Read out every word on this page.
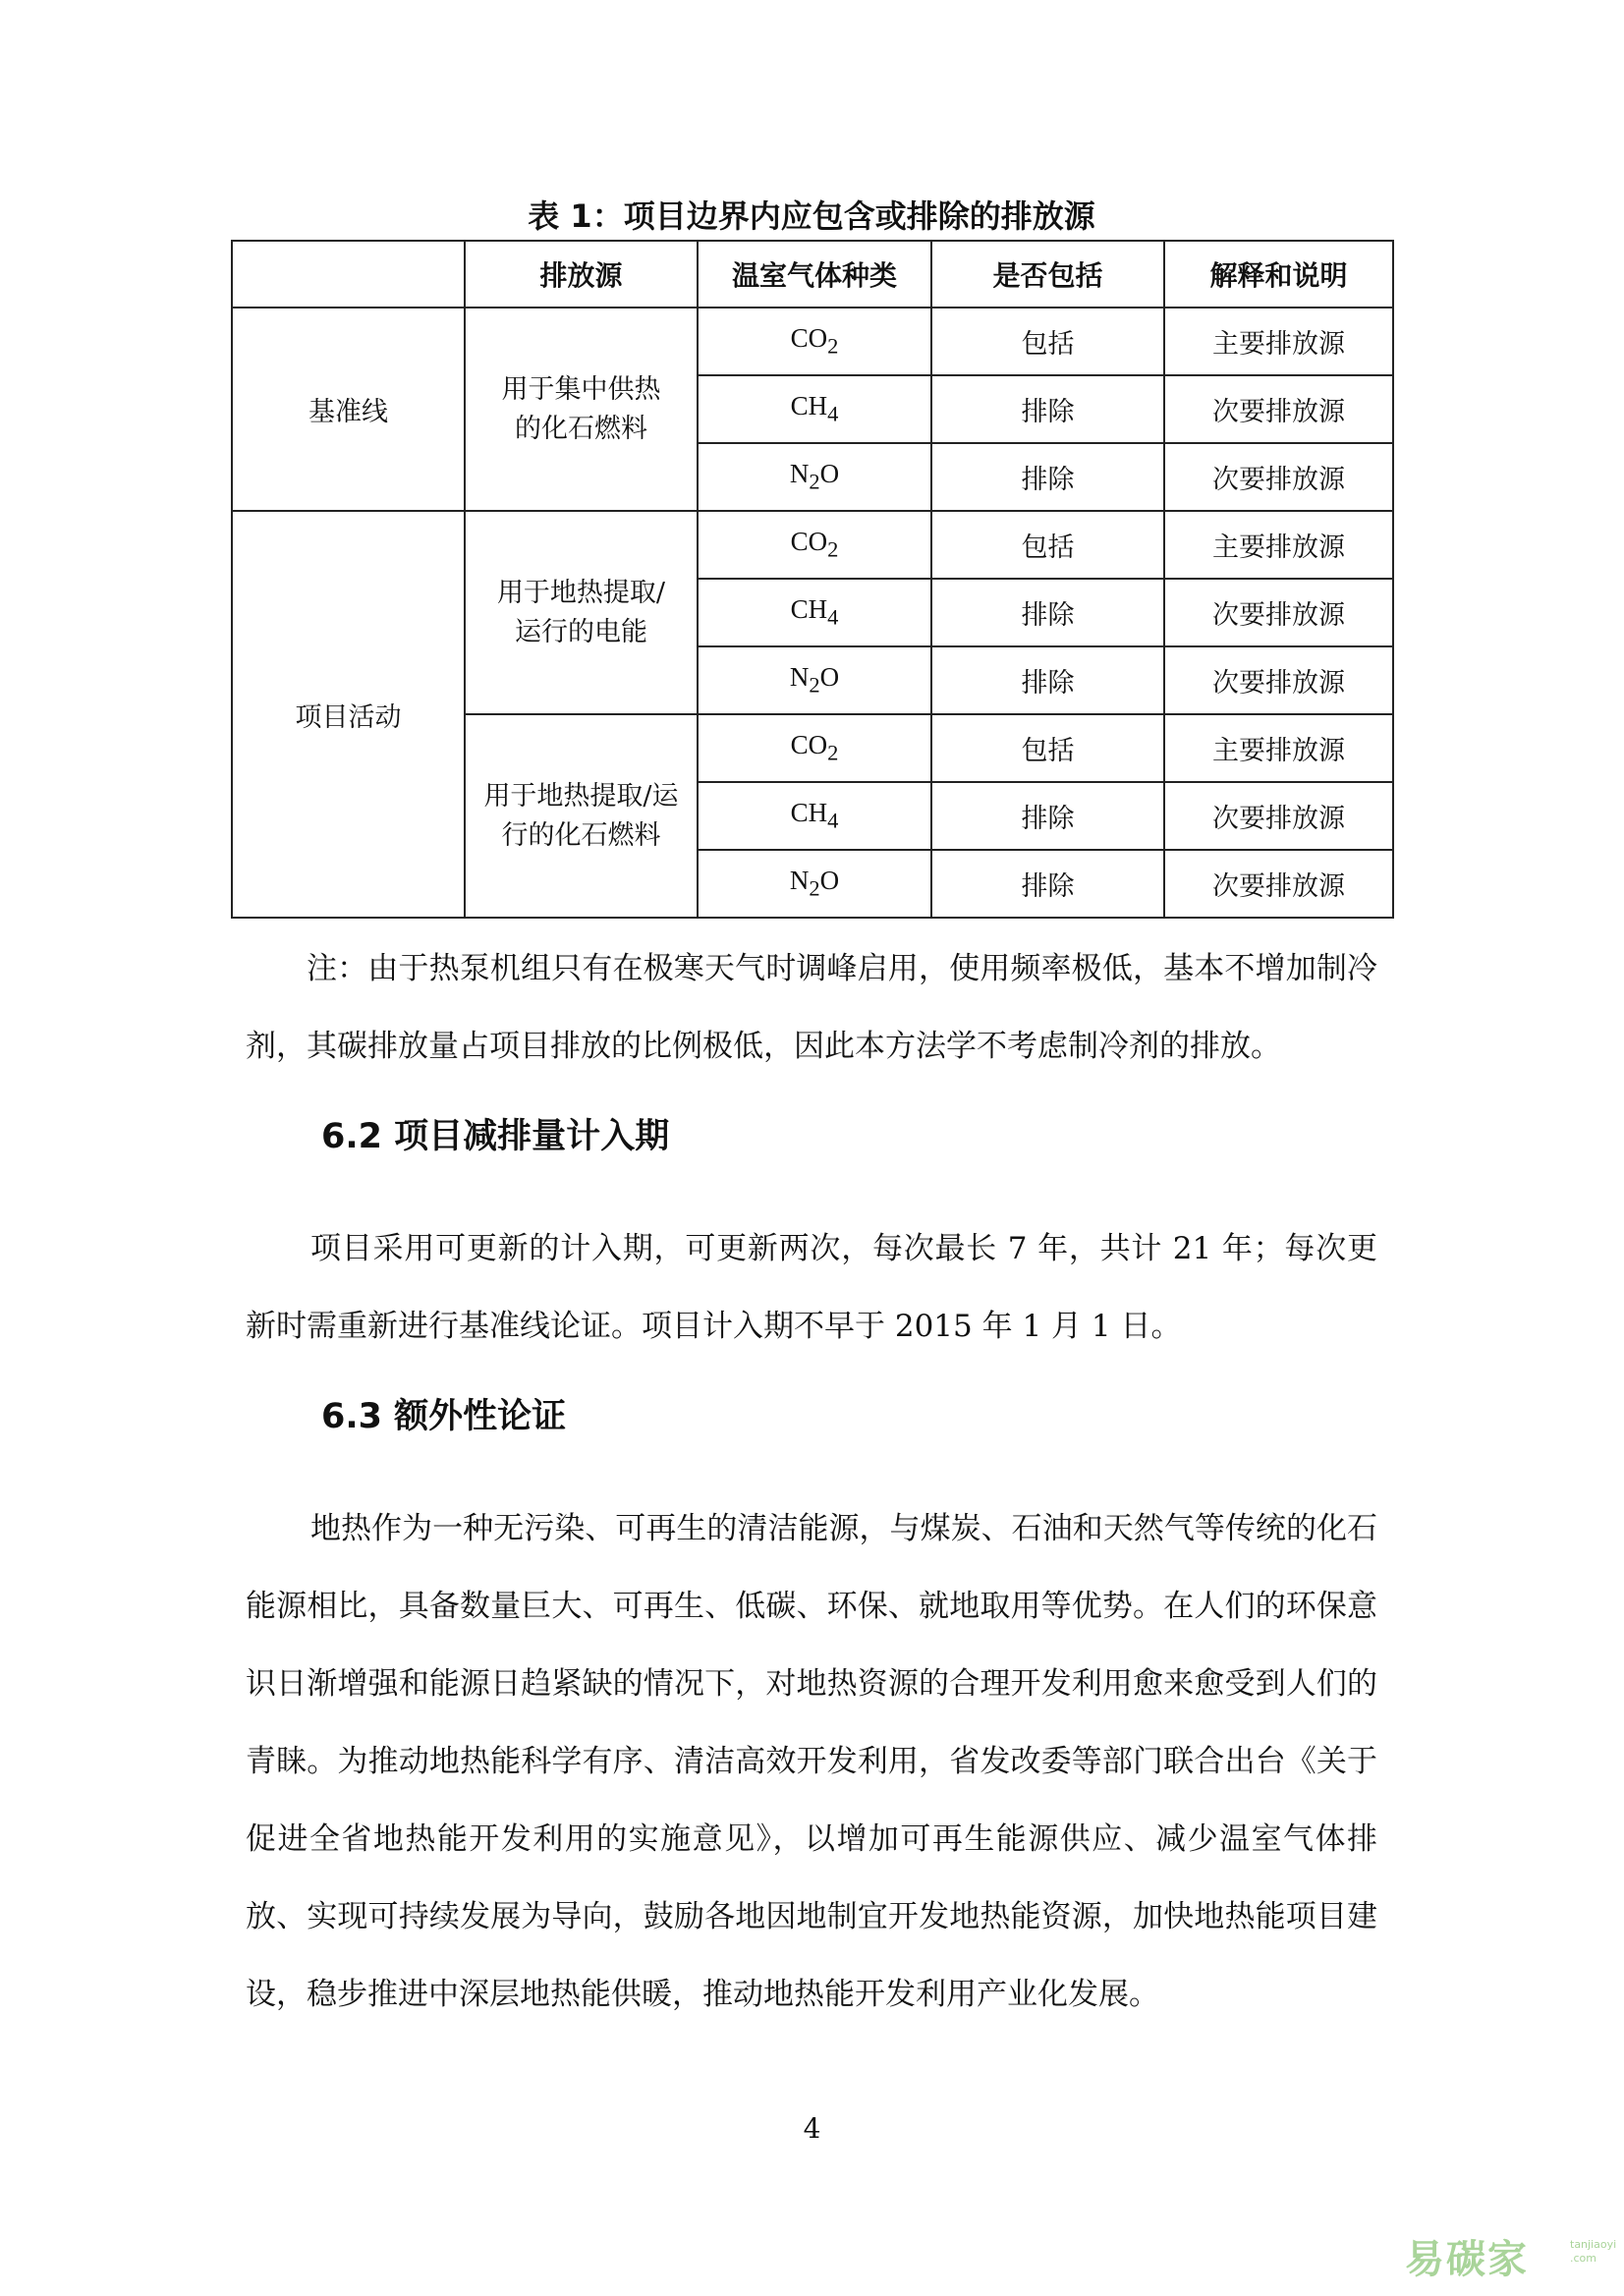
表 1：项目边界内应包含或排除的排放源
	排放源	温室气体种类	是否包括	解释和说明
基准线	用于集中供热的化石燃料	$CO_2$	包括	主要排放源
		$CH_4$	排除	次要排放源
		$N_2O$	排除	次要排放源
项目活动	用于地热提取/运行的电能	$CO_2$	包括	主要排放源
		$CH_4$	排除	次要排放源
		$N_2O$	排除	次要排放源
	用于地热提取/运行的化石燃料	$CO_2$	包括	主要排放源
		$CH_4$	排除	次要排放源
		$N_2O$	排除	次要排放源

注：由于热泵机组只有在极寒天气时调峰启用，使用频率极低，基本不增加制冷剂，其碳排放量占项目排放的比例极低，因此本方法学不考虑制冷剂的排放。

6.2 项目减排量计入期

项目采用可更新的计入期，可更新两次，每次最长 7 年，共计 21 年；每次更新时需重新进行基准线论证。项目计入期不早于 2015 年 1 月 1 日。

6.3 额外性论证

地热作为一种无污染、可再生的清洁能源，与煤炭、石油和天然气等传统的化石能源相比，具备数量巨大、可再生、低碳、环保、就地取用等优势。在人们的环保意识日渐增强和能源日趋紧缺的情况下，对地热资源的合理开发利用愈来愈受到人们的青睐。为推动地热能科学有序、清洁高效开发利用，省发改委等部门联合出台《关于促进全省地热能开发利用的实施意见》，以增加可再生能源供应、减少温室气体排放、实现可持续发展为导向，鼓励各地因地制宜开发地热能资源，加快地热能项目建设，稳步推进中深层地热能供暖，推动地热能开发利用产业化发展。

4
易碳家	tanjiaoyi
.com
